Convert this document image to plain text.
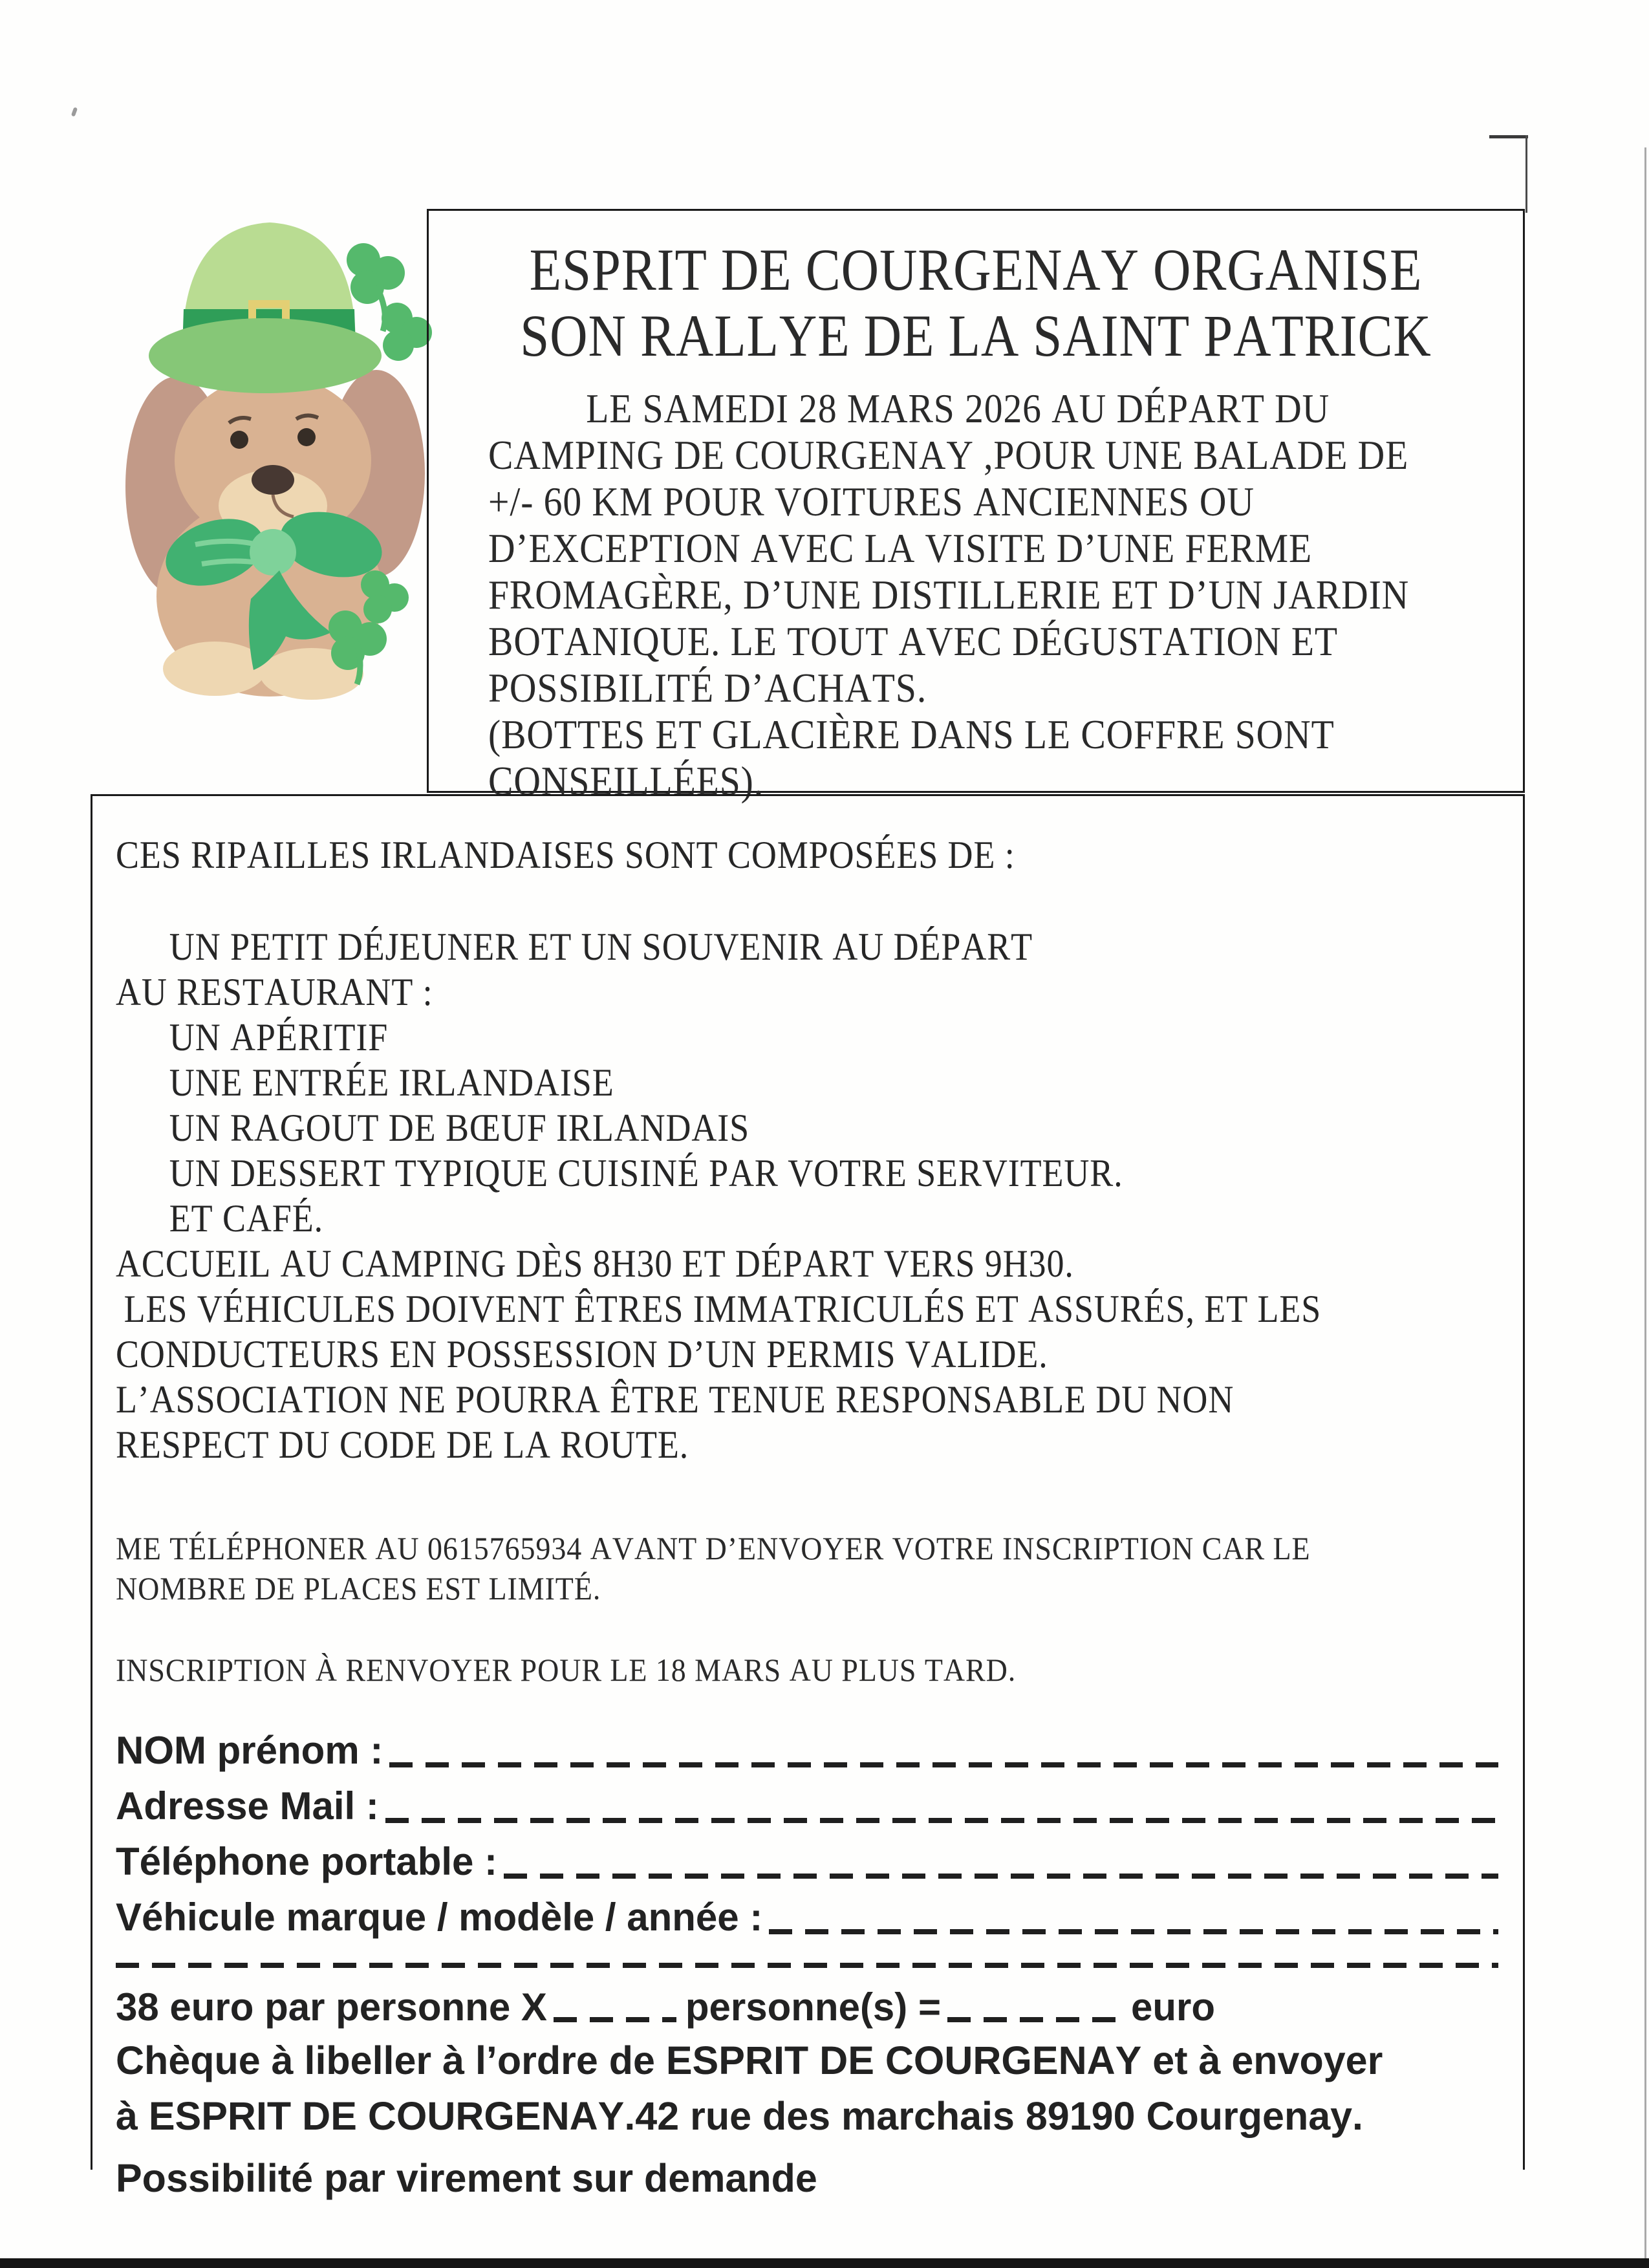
ESPRIT DE COURGENAY ORGANISE
SON RALLYE DE LA SAINT PATRICK
LE SAMEDI 28 MARS 2026 AU DÉPART DU
CAMPING DE COURGENAY ,POUR UNE BALADE DE
+/- 60 KM POUR VOITURES ANCIENNES OU
D’EXCEPTION AVEC LA VISITE D’UNE FERME
FROMAGÈRE, D’UNE DISTILLERIE ET D’UN JARDIN
BOTANIQUE. LE TOUT AVEC DÉGUSTATION ET
POSSIBILITÉ D’ACHATS.
(BOTTES ET GLACIÈRE DANS LE COFFRE SONT
CONSEILLÉES).
CES RIPAILLES IRLANDAISES SONT COMPOSÉES DE :
UN PETIT DÉJEUNER ET UN SOUVENIR AU DÉPART
AU RESTAURANT :
UN APÉRITIF
UNE ENTRÉE IRLANDAISE
UN RAGOUT DE BŒUF IRLANDAIS
UN DESSERT TYPIQUE CUISINÉ PAR VOTRE SERVITEUR.
ET CAFÉ.
ACCUEIL AU CAMPING DÈS 8H30 ET DÉPART VERS 9H30.
LES VÉHICULES DOIVENT ÊTRES IMMATRICULÉS ET ASSURÉS, ET LES
CONDUCTEURS EN POSSESSION D’UN PERMIS VALIDE.
L’ASSOCIATION NE POURRA ÊTRE TENUE RESPONSABLE DU NON
RESPECT DU CODE DE LA ROUTE.
ME TÉLÉPHONER AU 0615765934 AVANT D’ENVOYER VOTRE INSCRIPTION CAR LE
NOMBRE DE PLACES EST LIMITÉ.
INSCRIPTION À RENVOYER POUR LE 18 MARS AU PLUS TARD.
NOM prénom :
Adresse Mail :
Téléphone portable :
Véhicule marque / modèle / année :
38 euro par personne X	personne(s) =	euro
Chèque à libeller à l’ordre de ESPRIT DE COURGENAY et à envoyer
à ESPRIT DE COURGENAY.42 rue des marchais 89190 Courgenay.
Possibilité par virement sur demande
